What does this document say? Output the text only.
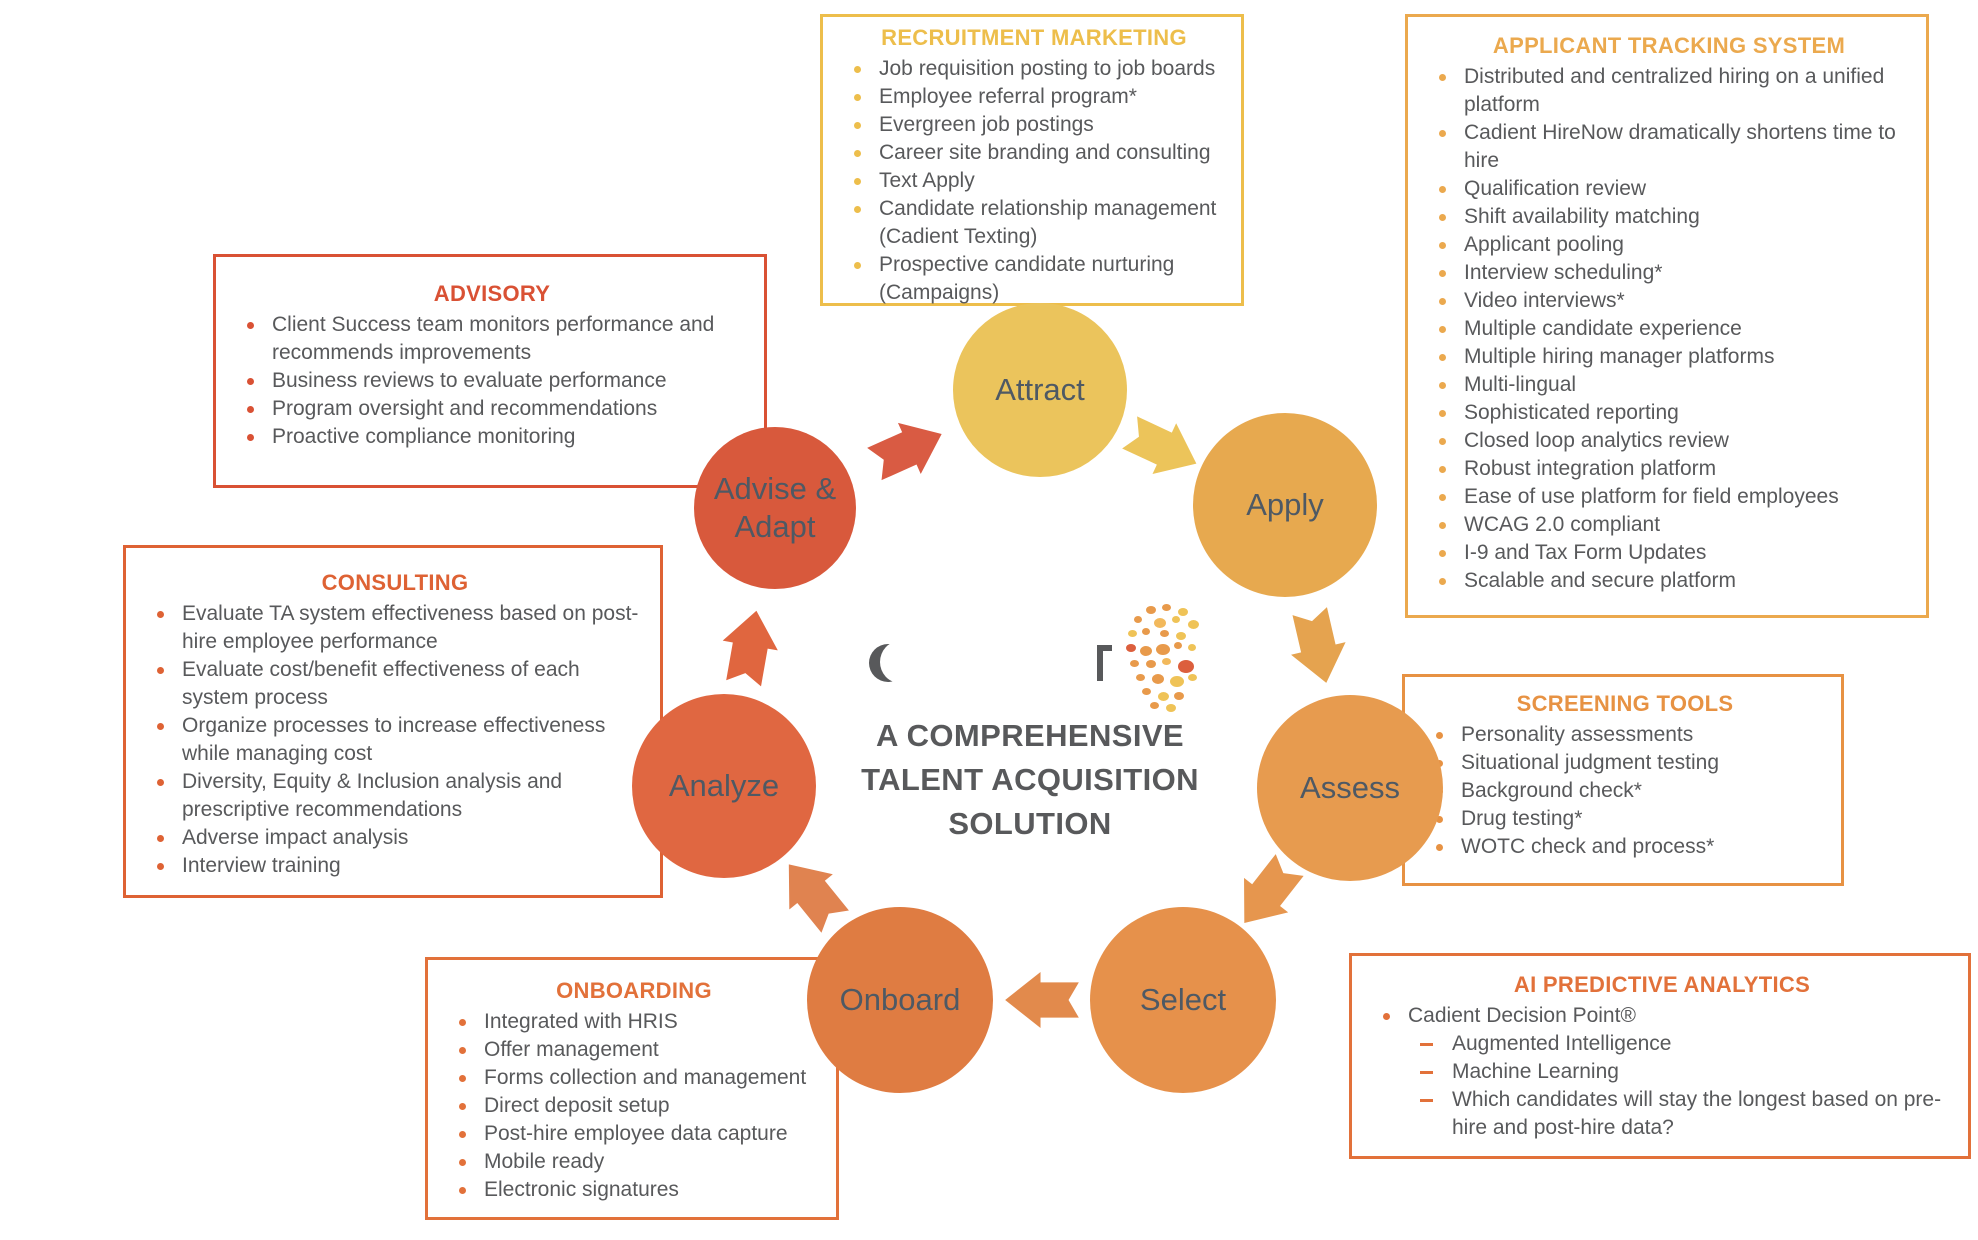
RECRUITMENT MARKETING
Job requisition posting to job boards
Employee referral program*
Evergreen job postings
Career site branding and consulting
Text Apply
Candidate relationship management (Cadient Texting)
Prospective candidate nurturing (Campaigns)
APPLICANT TRACKING SYSTEM
Distributed and centralized hiring on a unified platform
Cadient HireNow dramatically shortens time to hire
Qualification review
Shift availability matching
Applicant pooling
Interview scheduling*
Video interviews*
Multiple candidate experience
Multiple hiring manager platforms
Multi-lingual
Sophisticated reporting
Closed loop analytics review
Robust integration platform
Ease of use platform for field employees
WCAG 2.0 compliant
I-9 and Tax Form Updates
Scalable and secure platform
SCREENING TOOLS
Personality assessments
Situational judgment testing
Background check*
Drug testing*
WOTC check and process*
AI PREDICTIVE ANALYTICS
Cadient Decision Point®
Augmented Intelligence
Machine Learning
Which candidates will stay the longest based on pre-hire and post-hire data?
ONBOARDING
Integrated with HRIS
Offer management
Forms collection and management
Direct deposit setup
Post-hire employee data capture
Mobile ready
Electronic signatures
CONSULTING
Evaluate TA system effectiveness based on post-hire employee performance
Evaluate cost/benefit effectiveness of each system process
Organize processes to increase effectiveness while managing cost
Diversity, Equity & Inclusion analysis and prescriptive recommendations
Adverse impact analysis
Interview training
ADVISORY
Client Success team monitors performance and recommends improvements
Business reviews to evaluate performance
Program oversight and recommendations
Proactive compliance monitoring
Attract
Apply
Assess
Select
Onboard
Analyze
Advise & Adapt
A COMPREHENSIVE
TALENT ACQUISITION
SOLUTION
